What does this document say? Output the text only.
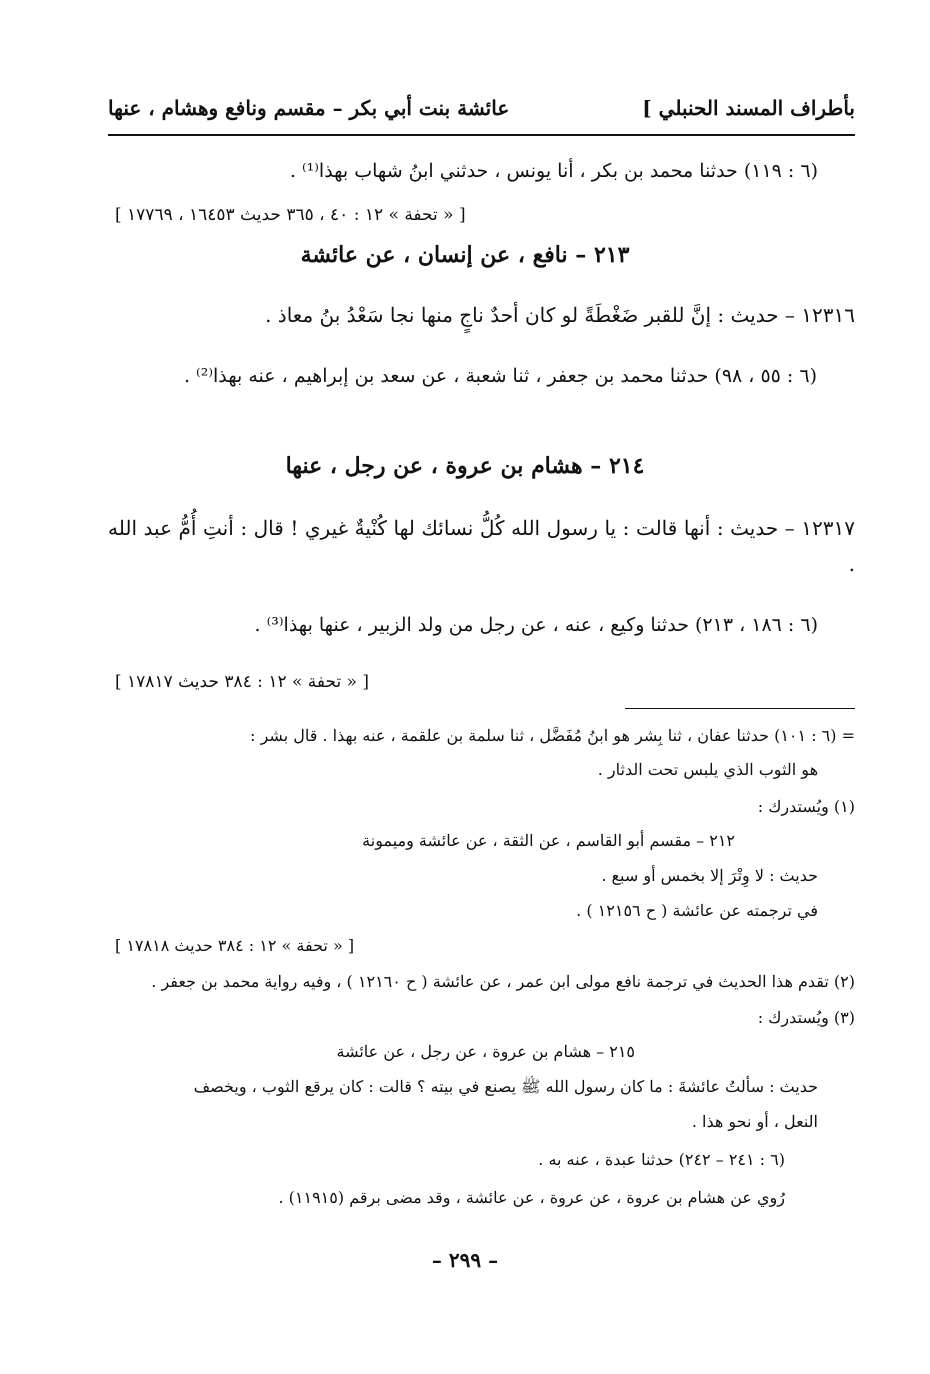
بأطراف المسند الحنبلي ]
عائشة بنت أبي بكر – مقسم ونافع وهشام ، عنها
(٦ : ١١٩) حدثنا محمد بن بكر ، أنا يونس ، حدثني ابنُ شهاب بهذا⁽¹⁾ .
[ « تحفة » ١٢ : ٤٠ ، ٣٦٥ حديث ١٦٤٥٣ ، ١٧٧٦٩ ]
٢١٣ – نافع ، عن إنسان ، عن عائشة
١٢٣١٦ – حديث : إنَّ للقبر ضَغْطَةً لو كان أحدٌ ناجٍ منها نجا سَعْدُ بنُ معاذ .
(٦ : ٥٥ ، ٩٨) حدثنا محمد بن جعفر ، ثنا شعبة ، عن سعد بن إبراهيم ، عنه بهذا⁽²⁾ .
٢١٤ – هشام بن عروة ، عن رجل ، عنها
١٢٣١٧ – حديث : أنها قالت : يا رسول الله كُلُّ نسائك لها كُنْيةٌ غيري ! قال : أنتِ أُمُّ عبد الله .
(٦ : ١٨٦ ، ٢١٣) حدثنا وكيع ، عنه ، عن رجل من ولد الزبير ، عنها بهذا⁽³⁾ .
[ « تحفة » ١٢ : ٣٨٤ حديث ١٧٨١٧ ]
= (٦ : ١٠١) حدثنا عفان ، ثنا بِشر هو ابنُ مُفَضَّل ، ثنا سلمة بن علقمة ، عنه بهذا . قال بشر :
هو الثوب الذي يلبس تحت الدثار .
(١) ويُستدرك :
٢١٢ – مقسم أبو القاسم ، عن الثقة ، عن عائشة وميمونة
حديث : لا وِتْرَ إلا بخمس أو سبع .
في ترجمته عن عائشة ( ح ١٢١٥٦ ) .
[ « تحفة » ١٢ : ٣٨٤ حديث ١٧٨١٨ ]
(٢) تقدم هذا الحديث في ترجمة نافع مولى ابن عمر ، عن عائشة ( ح ١٢١٦٠ ) ، وفيه رواية محمد بن جعفر .
(٣) ويُستدرك :
٢١٥ – هشام بن عروة ، عن رجل ، عن عائشة
حديث : سألتُ عائشةَ : ما كان رسول الله ﷺ يصنع في بيته ؟ قالت : كان يرقع الثوب ، ويخصف
النعل ، أو نحو هذا .
(٦ : ٢٤١ – ٢٤٢) حدثنا عبدة ، عنه به .
رُوي عن هشام بن عروة ، عن عروة ، عن عائشة ، وقد مضى برقم (١١٩١٥) .
– ٢٩٩ –
